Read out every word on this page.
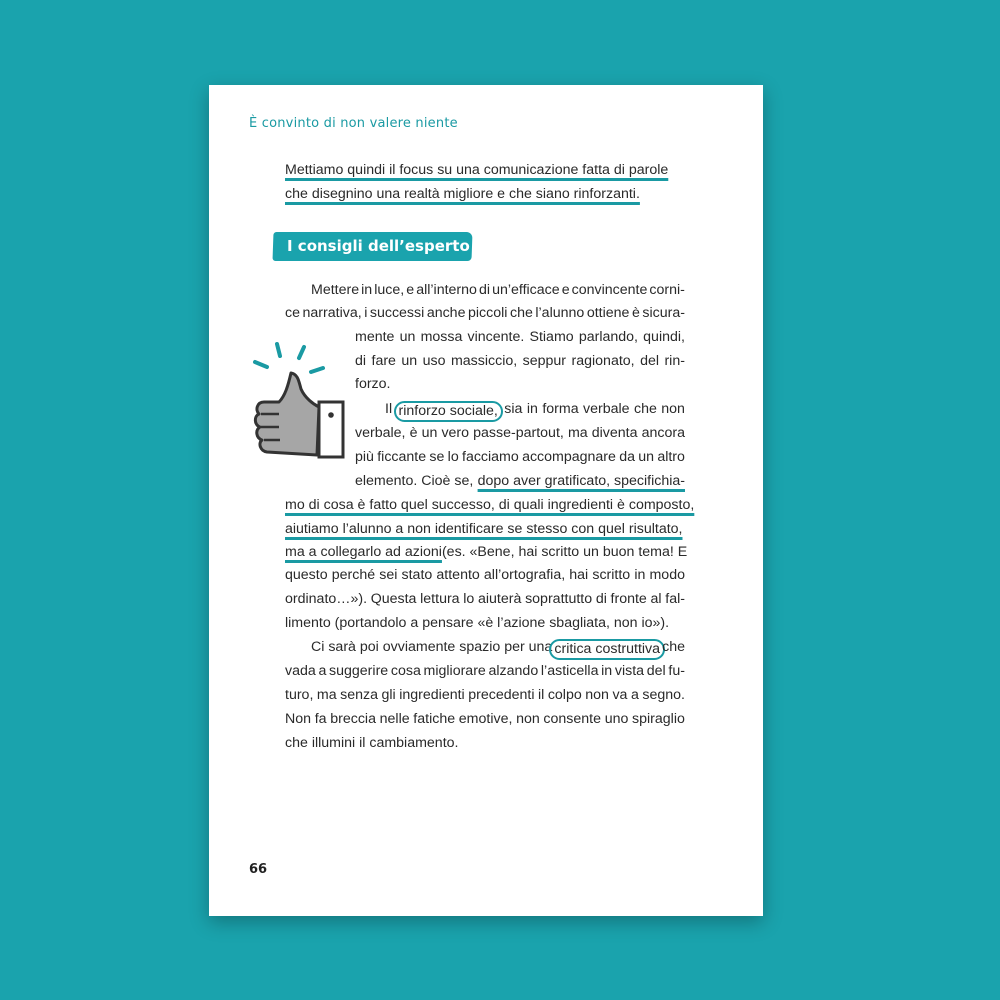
È convinto di non valere niente
Mettiamo quindi il focus su una comunicazione fatta di parole
che disegnino una realtà migliore e che siano rinforzanti.
I consigli dell’esperto
Mettere in luce, e all’interno di un’efficace e convincente corni-
ce narrativa, i successi anche piccoli che l’alunno ottiene è sicura-
mente un mossa vincente. Stiamo parlando, quindi,
di fare un uso massiccio, seppur ragionato, del rin-
forzo.
Il rinforzo sociale, sia in forma verbale che non
verbale, è un vero passe-partout, ma diventa ancora
più ficcante se lo facciamo accompagnare da un altro
elemento. Cioè se, dopo aver gratificato, specifichia-
mo di cosa è fatto quel successo, di quali ingredienti è composto,
aiutiamo l’alunno a non identificare se stesso con quel risultato,
ma a collegarlo ad azioni (es. «Bene, hai scritto un buon tema! E
questo perché sei stato attento all’ortografia, hai scritto in modo
ordinato…»). Questa lettura lo aiuterà soprattutto di fronte al fal-
limento (portandolo a pensare «è l’azione sbagliata, non io»).
Ci sarà poi ovviamente spazio per una critica costruttiva che
vada a suggerire cosa migliorare alzando l’asticella in vista del fu-
turo, ma senza gli ingredienti precedenti il colpo non va a segno.
Non fa breccia nelle fatiche emotive, non consente uno spiraglio
che illumini il cambiamento.
66
